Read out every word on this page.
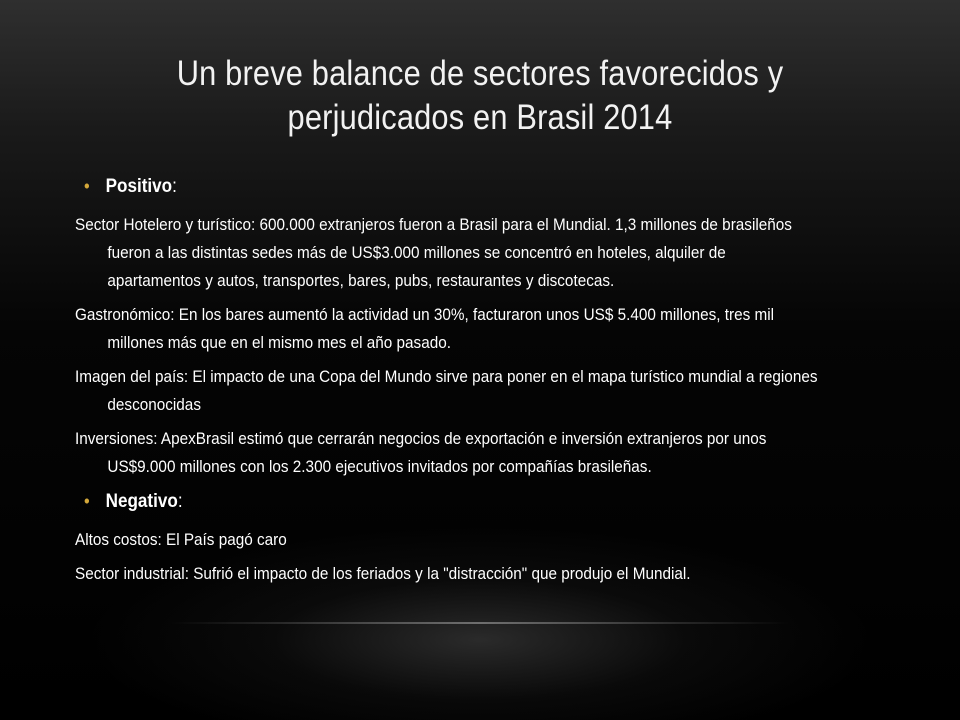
Un breve balance de sectores favorecidos y
perjudicados en Brasil 2014
• Positivo :
Sector Hotelero y turístico: 600.000 extranjeros fueron a Brasil para el Mundial. 1,3 millones de brasileños fueron a las distintas sedes más de US$3.000 millones se concentró en hoteles, alquiler de apartamentos y autos, transportes, bares, pubs, restaurantes y discotecas.
Gastronómico: En los bares aumentó la actividad un 30%, facturaron unos US$ 5.400 millones, tres mil millones más que en el mismo mes el año pasado.
Imagen del país: El impacto de una Copa del Mundo sirve para poner en el mapa turístico mundial a regiones desconocidas
Inversiones: ApexBrasil estimó que cerrarán negocios de exportación e inversión extranjeros por unos US$9.000 millones con los 2.300 ejecutivos invitados por compañías brasileñas.
• Negativo :
Altos costos: El País pagó caro
Sector industrial: Sufrió el impacto de los feriados y la "distracción" que produjo el Mundial.
